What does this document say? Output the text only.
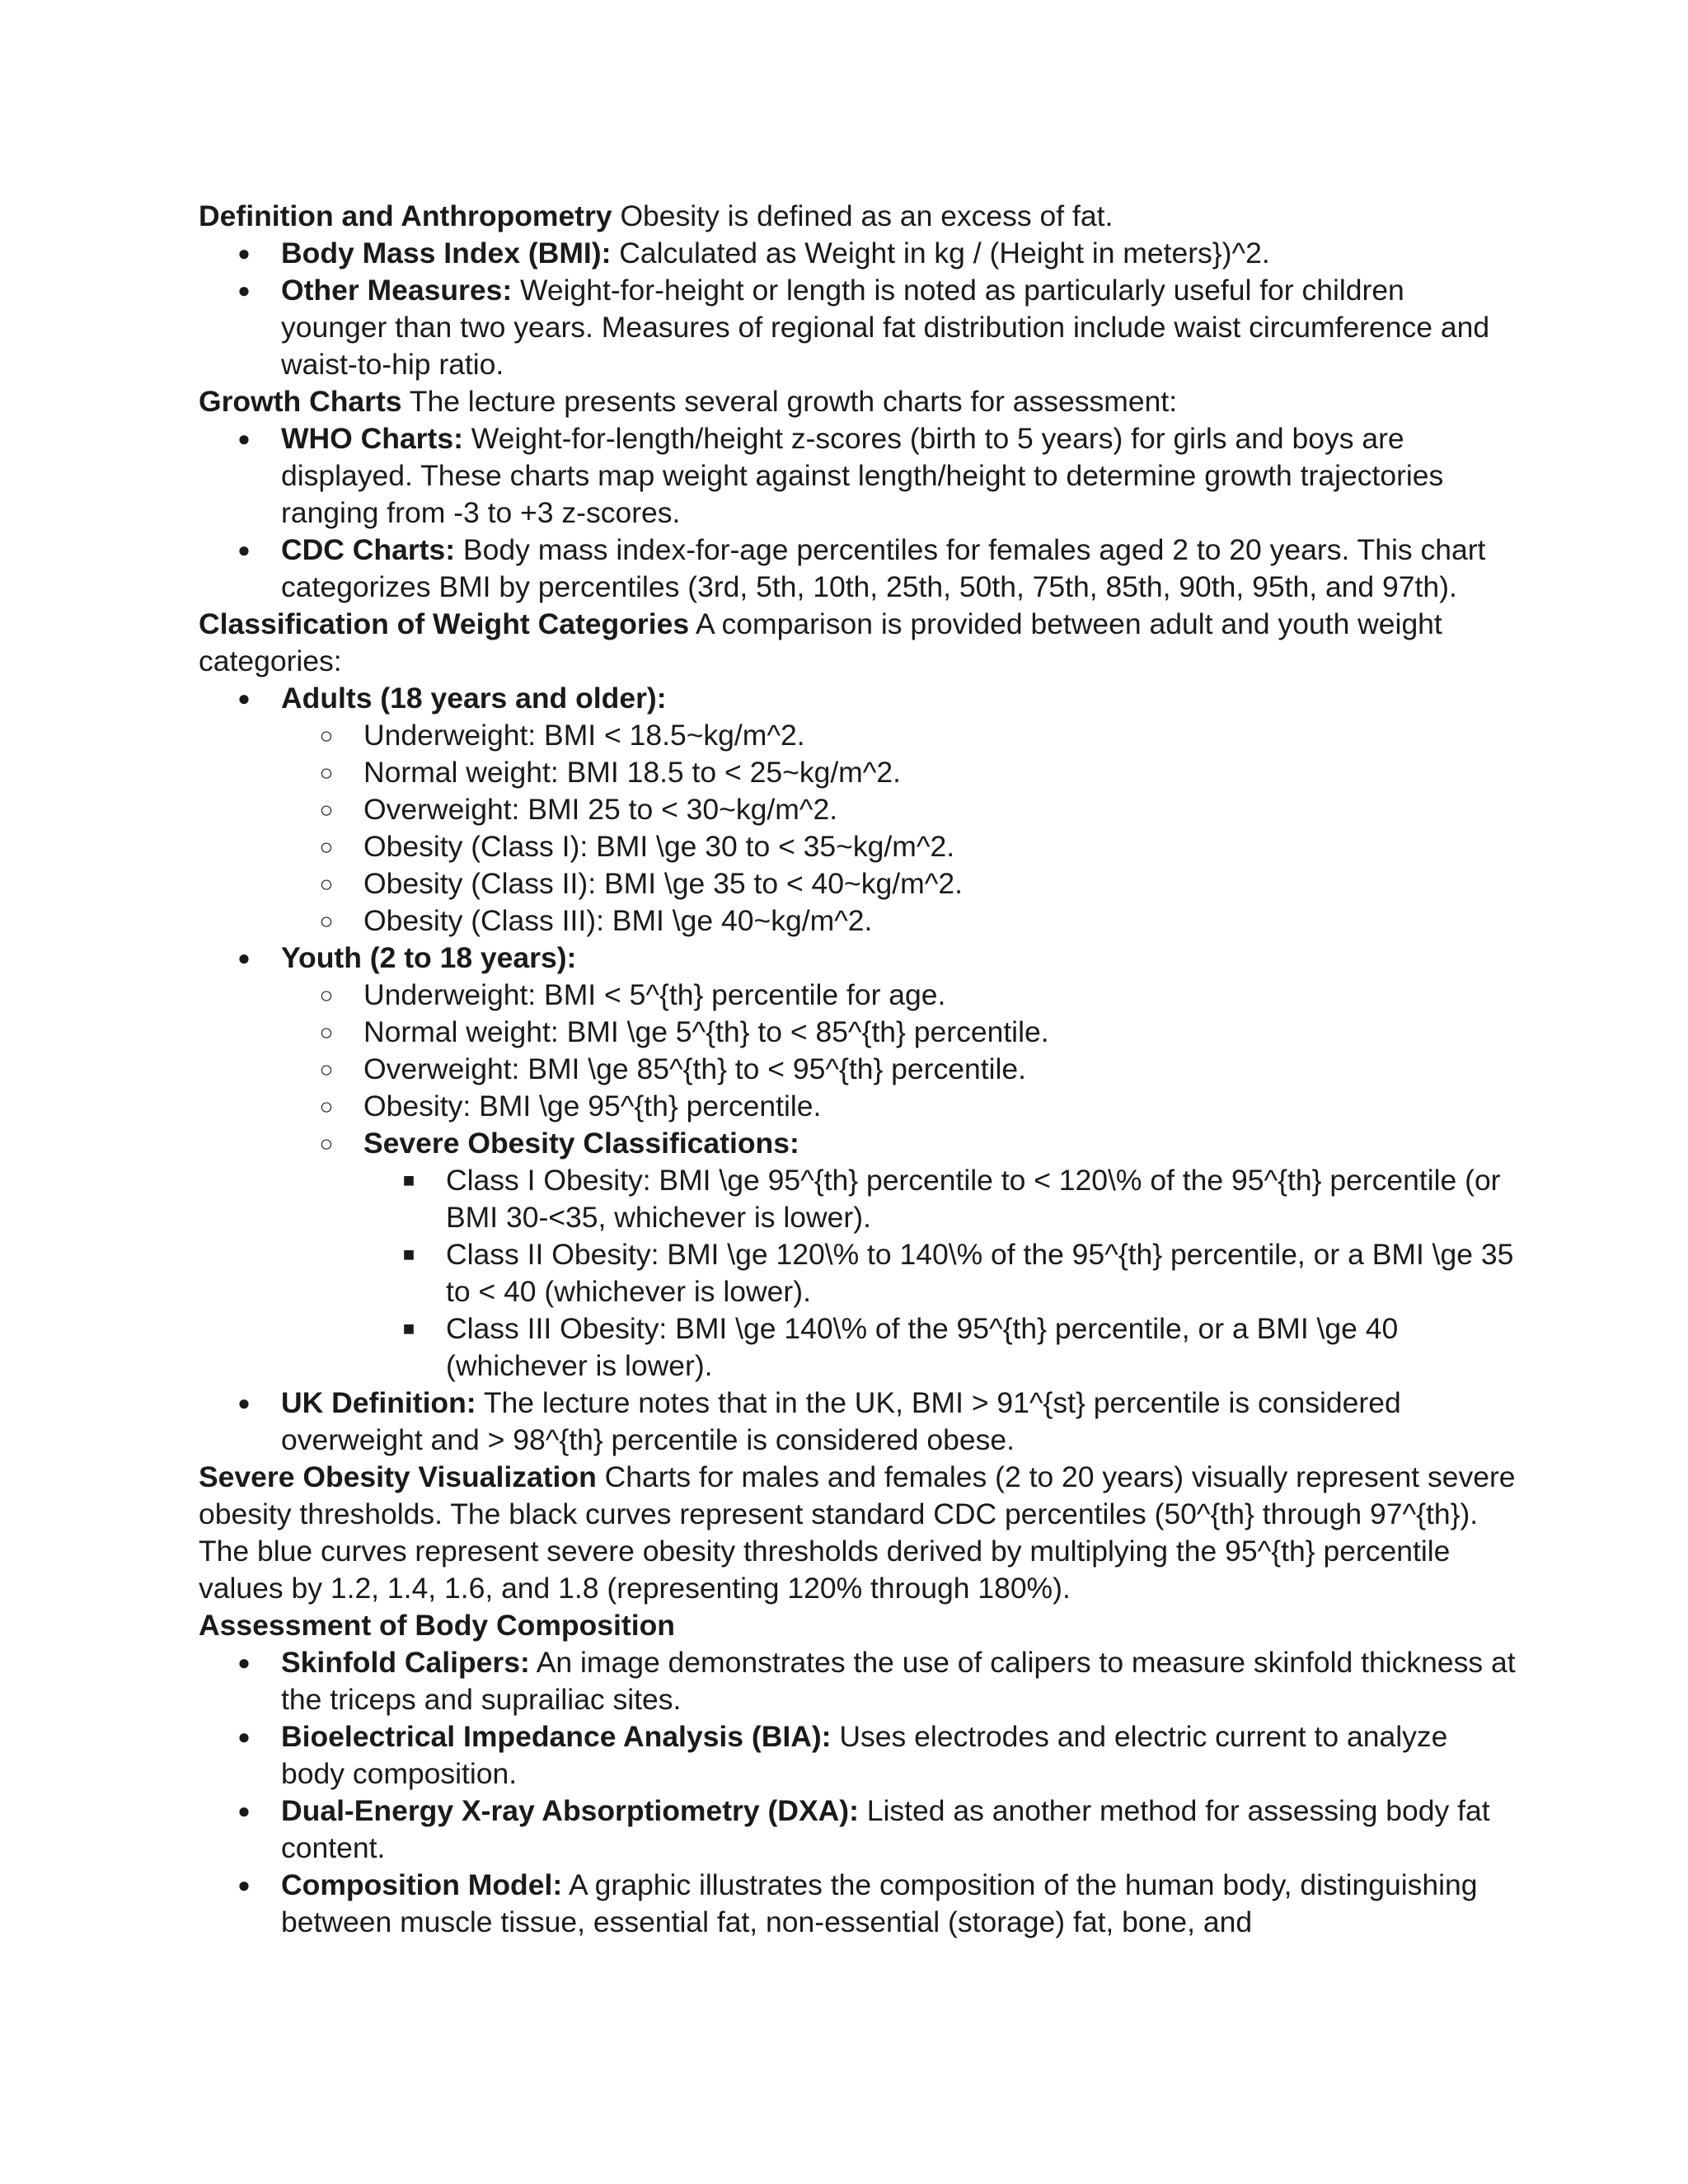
Definition and Anthropometry Obesity is defined as an excess of fat.

● Body Mass Index (BMI): Calculated as Weight in kg / (Height in meters})^2.
● Other Measures: Weight-for-height or length is noted as particularly useful for children younger than two years. Measures of regional fat distribution include waist circumference and waist-to-hip ratio.

Growth Charts The lecture presents several growth charts for assessment:

● WHO Charts: Weight-for-length/height z-scores (birth to 5 years) for girls and boys are displayed. These charts map weight against length/height to determine growth trajectories ranging from -3 to +3 z-scores.
● CDC Charts: Body mass index-for-age percentiles for females aged 2 to 20 years. This chart categorizes BMI by percentiles (3rd, 5th, 10th, 25th, 50th, 75th, 85th, 90th, 95th, and 97th).

Classification of Weight Categories A comparison is provided between adult and youth weight categories:

● Adults (18 years and older):
○ Underweight: BMI < 18.5~kg/m^2.
○ Normal weight: BMI 18.5 to < 25~kg/m^2.
○ Overweight: BMI 25 to < 30~kg/m^2.
○ Obesity (Class I): BMI \ge 30 to < 35~kg/m^2.
○ Obesity (Class II): BMI \ge 35 to < 40~kg/m^2.
○ Obesity (Class III): BMI \ge 40~kg/m^2.
● Youth (2 to 18 years):
○ Underweight: BMI < 5^{th} percentile for age.
○ Normal weight: BMI \ge 5^{th} to < 85^{th} percentile.
○ Overweight: BMI \ge 85^{th} to < 95^{th} percentile.
○ Obesity: BMI \ge 95^{th} percentile.
○ Severe Obesity Classifications:
■ Class I Obesity: BMI \ge 95^{th} percentile to < 120\% of the 95^{th} percentile (or BMI 30-<35, whichever is lower).
■ Class II Obesity: BMI \ge 120\% to 140\% of the 95^{th} percentile, or a BMI \ge 35 to < 40 (whichever is lower).
■ Class III Obesity: BMI \ge 140\% of the 95^{th} percentile, or a BMI \ge 40 (whichever is lower).
● UK Definition: The lecture notes that in the UK, BMI > 91^{st} percentile is considered overweight and > 98^{th} percentile is considered obese.

Severe Obesity Visualization Charts for males and females (2 to 20 years) visually represent severe obesity thresholds. The black curves represent standard CDC percentiles (50^{th} through 97^{th}). The blue curves represent severe obesity thresholds derived by multiplying the 95^{th} percentile values by 1.2, 1.4, 1.6, and 1.8 (representing 120% through 180%).

Assessment of Body Composition

● Skinfold Calipers: An image demonstrates the use of calipers to measure skinfold thickness at the triceps and suprailiac sites.
● Bioelectrical Impedance Analysis (BIA): Uses electrodes and electric current to analyze body composition.
● Dual-Energy X-ray Absorptiometry (DXA): Listed as another method for assessing body fat content.
● Composition Model: A graphic illustrates the composition of the human body, distinguishing between muscle tissue, essential fat, non-essential (storage) fat, bone, and
